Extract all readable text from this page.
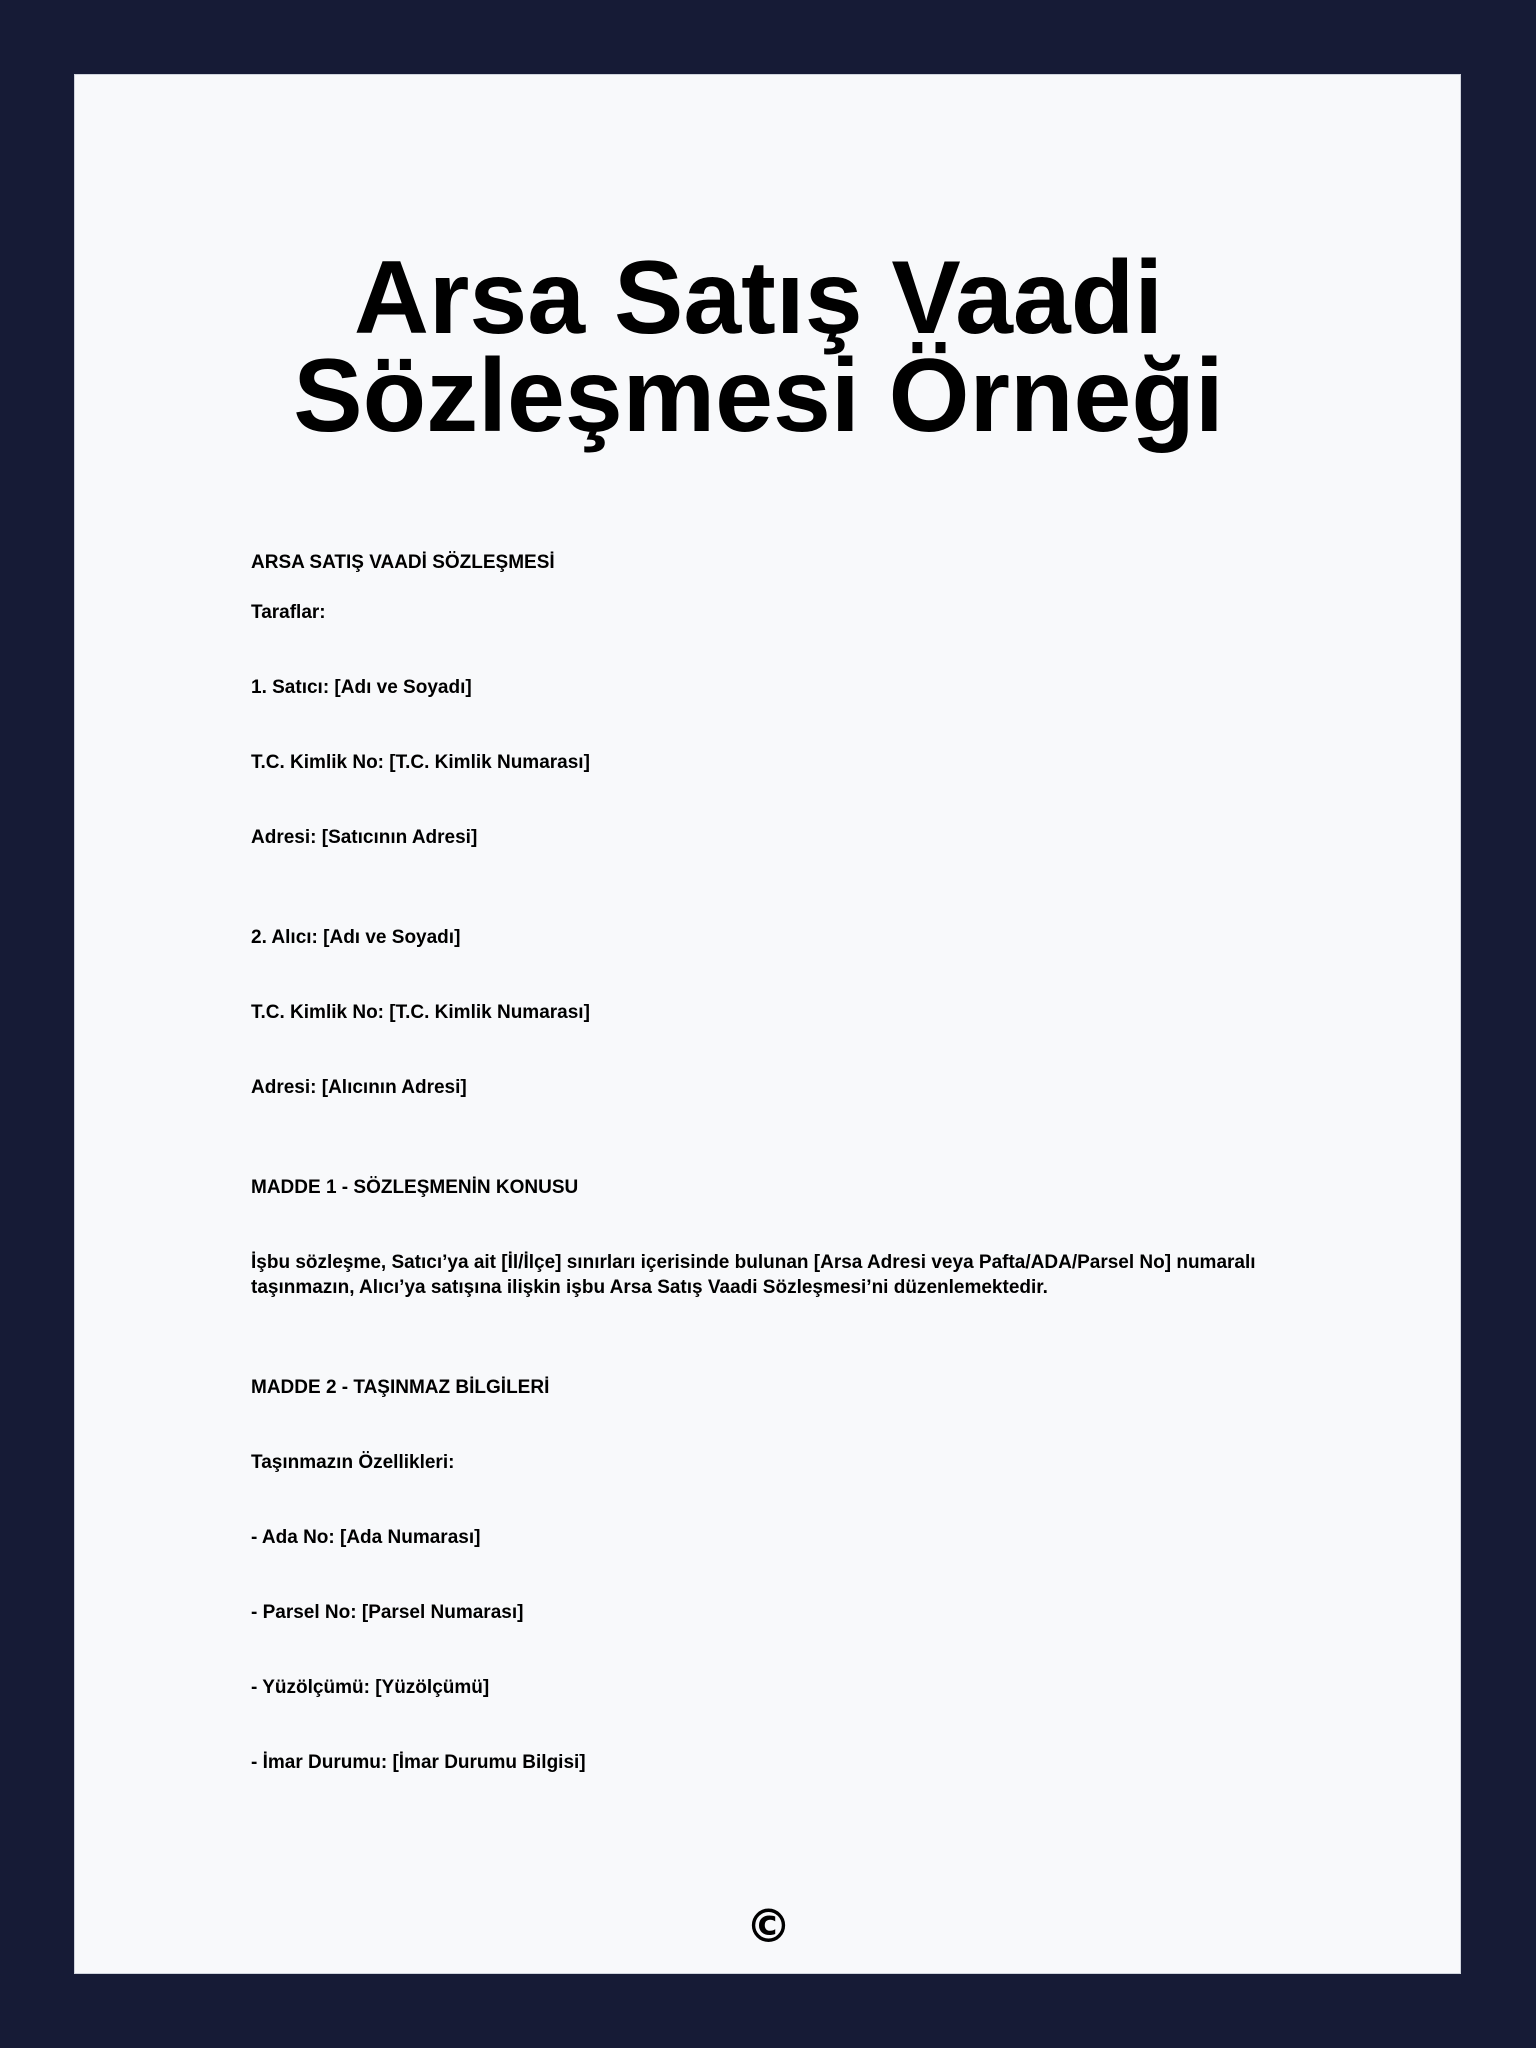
Arsa Satış Vaadi Sözleşmesi Örneği

ARSA SATIŞ VAADİ SÖZLEŞMESİ

Taraflar:

1. Satıcı: [Adı ve Soyadı]

T.C. Kimlik No: [T.C. Kimlik Numarası]

Adresi: [Satıcının Adresi]

2. Alıcı: [Adı ve Soyadı]

T.C. Kimlik No: [T.C. Kimlik Numarası]

Adresi: [Alıcının Adresi]

MADDE 1 - SÖZLEŞMENİN KONUSU

İşbu sözleşme, Satıcı’ya ait [İl/İlçe] sınırları içerisinde bulunan [Arsa Adresi veya Pafta/ADA/Parsel No] numaralı taşınmazın, Alıcı’ya satışına ilişkin işbu Arsa Satış Vaadi Sözleşmesi’ni düzenlemektedir.

MADDE 2 - TAŞINMAZ BİLGİLERİ

Taşınmazın Özellikleri:

- Ada No: [Ada Numarası]

- Parsel No: [Parsel Numarası]

- Yüzölçümü: [Yüzölçümü]

- İmar Durumu: [İmar Durumu Bilgisi]

©
